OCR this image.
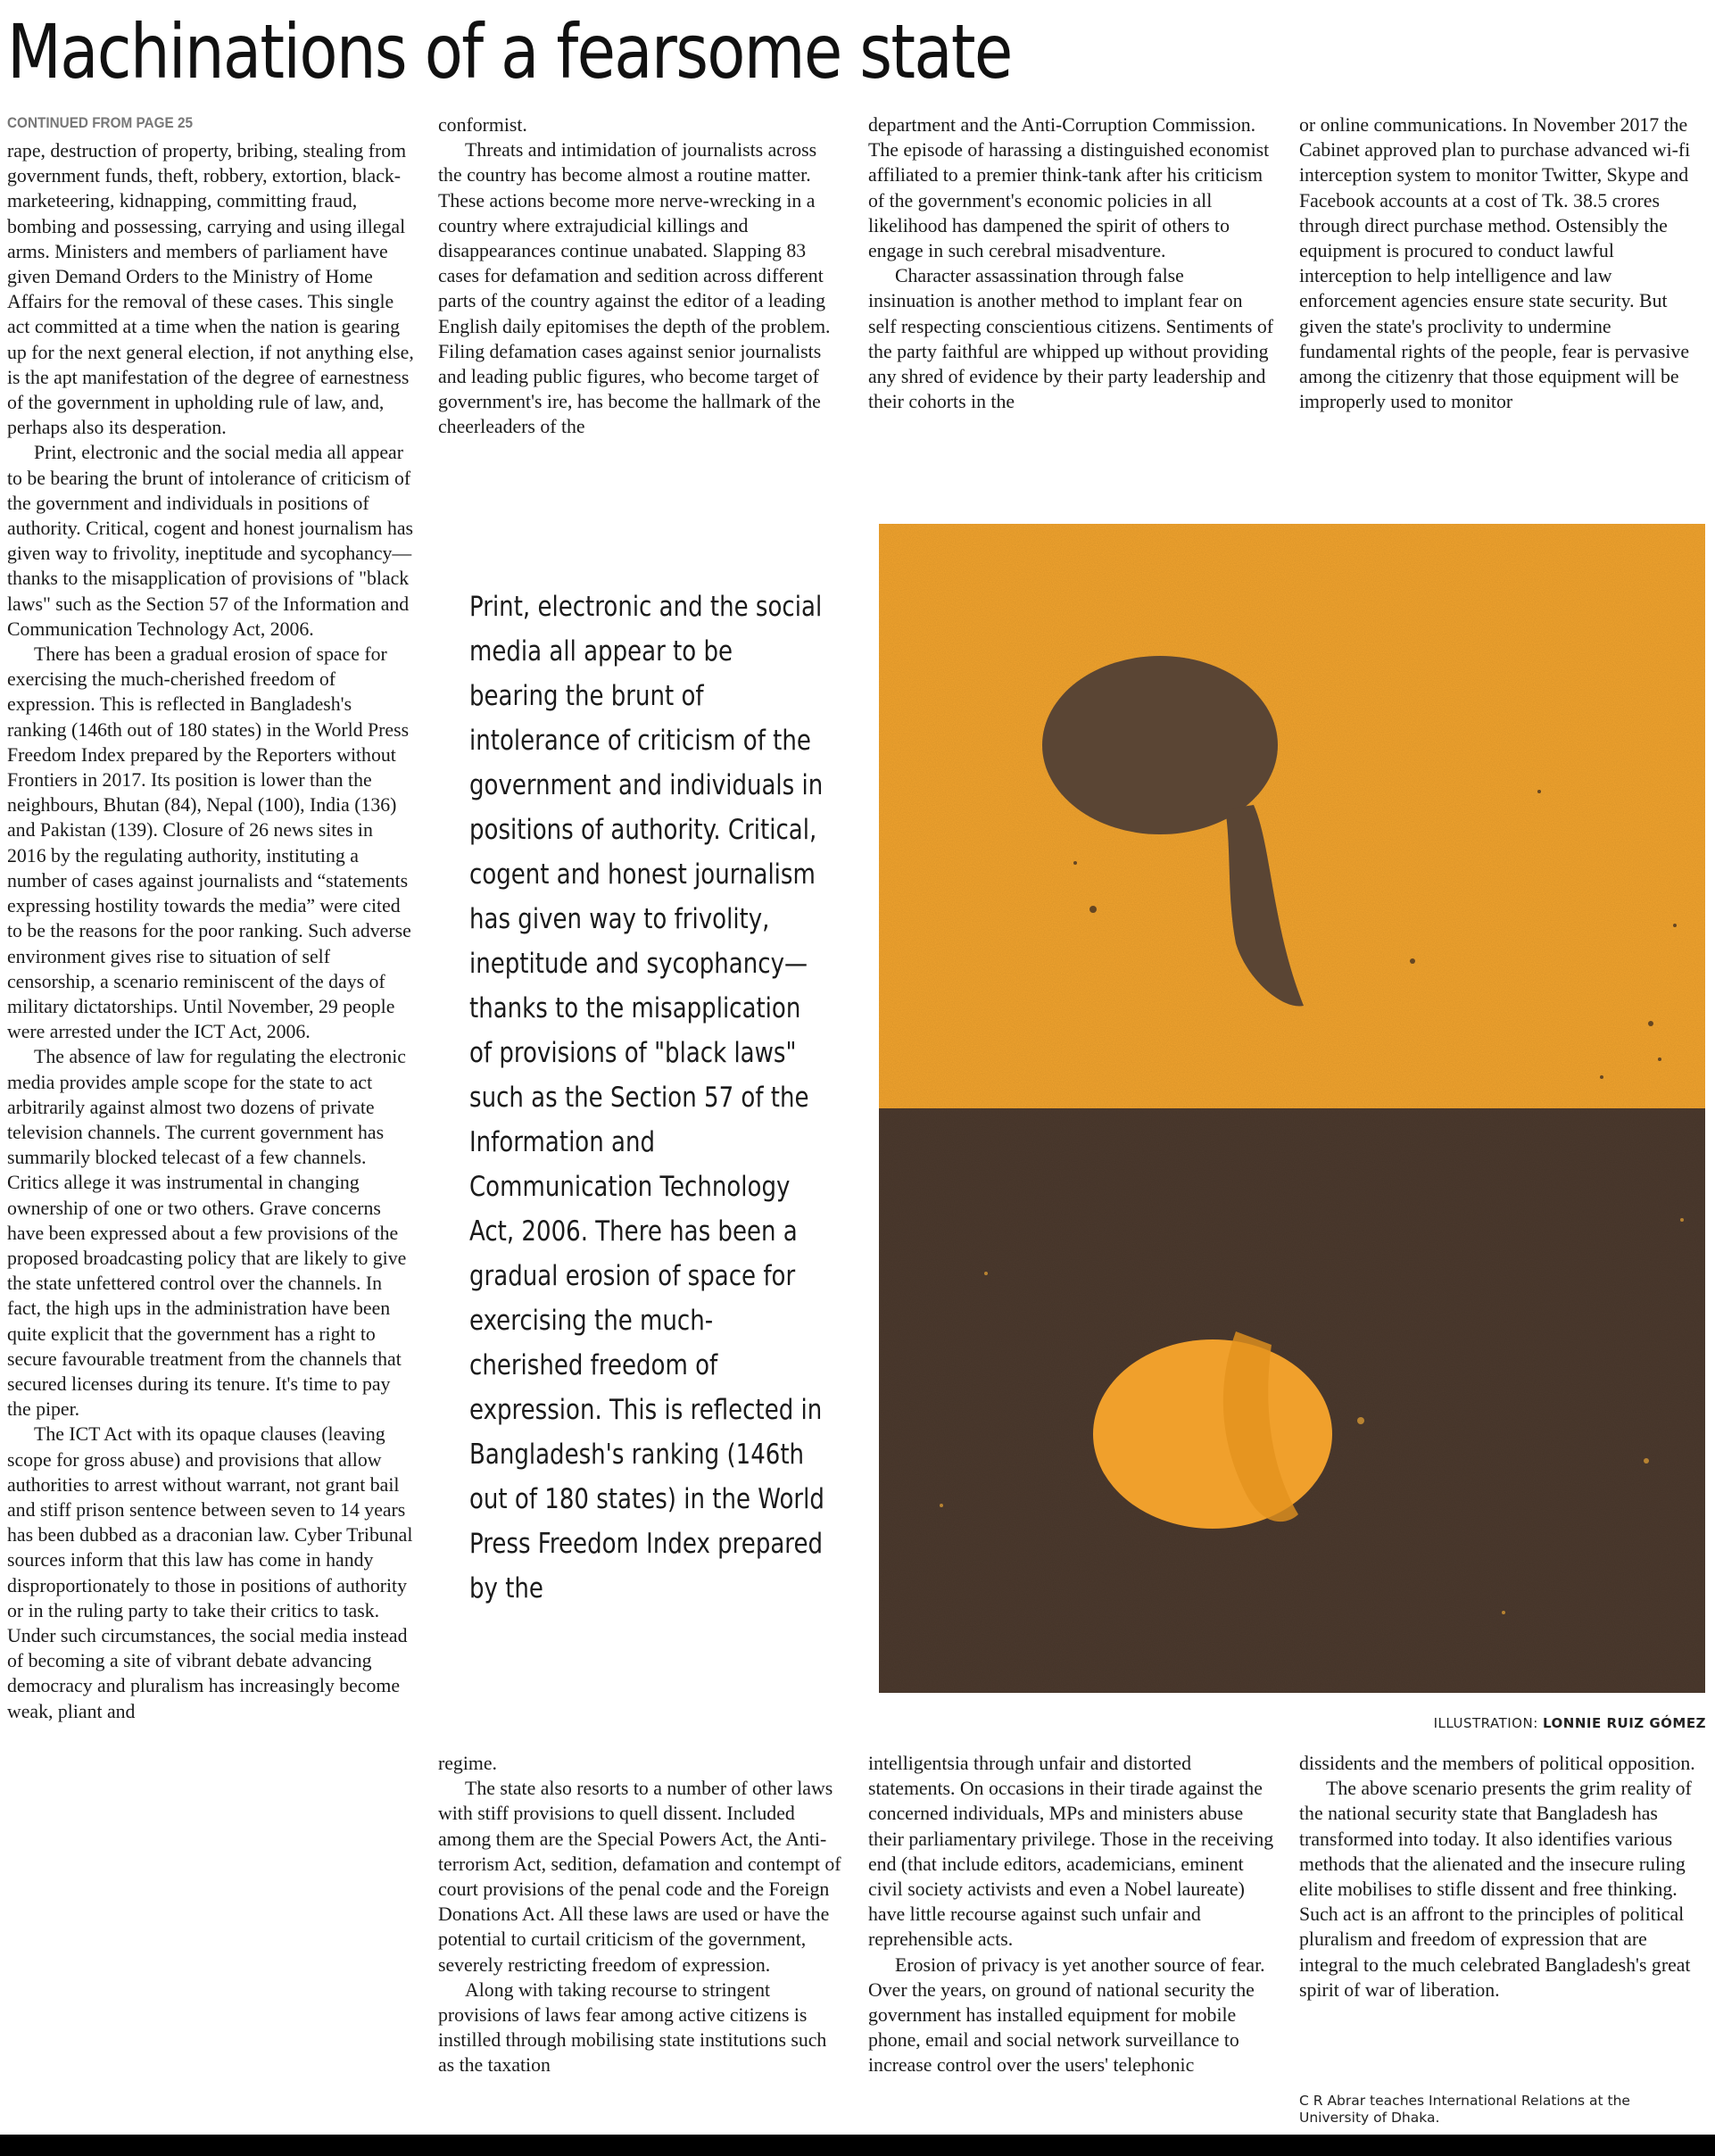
Machinations of a fearsome state
CONTINUED FROM PAGE 25

rape, destruction of property, bribing, stealing from government funds, theft, robbery, extortion, black-marketeering, kidnapping, committing fraud, bombing and possessing, carrying and using illegal arms. Ministers and members of parliament have given Demand Orders to the Ministry of Home Affairs for the removal of these cases. This single act committed at a time when the nation is gearing up for the next general election, if not anything else, is the apt manifestation of the degree of earnestness of the government in upholding rule of law, and, perhaps also its desperation.

Print, electronic and the social media all appear to be bearing the brunt of intolerance of criticism of the government and individuals in positions of authority. Critical, cogent and honest journalism has given way to frivolity, ineptitude and sycophancy—thanks to the misapplication of provisions of "black laws" such as the Section 57 of the Information and Communication Technology Act, 2006.

There has been a gradual erosion of space for exercising the much-cherished freedom of expression. This is reflected in Bangladesh's ranking (146th out of 180 states) in the World Press Freedom Index prepared by the Reporters without Frontiers in 2017. Its position is lower than the neighbours, Bhutan (84), Nepal (100), India (136) and Pakistan (139). Closure of 26 news sites in 2016 by the regulating authority, instituting a number of cases against journalists and “statements expressing hostility towards the media” were cited to be the reasons for the poor ranking. Such adverse environment gives rise to situation of self censorship, a scenario reminiscent of the days of military dictatorships. Until November, 29 people were arrested under the ICT Act, 2006.

The absence of law for regulating the electronic media provides ample scope for the state to act arbitrarily against almost two dozens of private television channels. The current government has summarily blocked telecast of a few channels. Critics allege it was instrumental in changing ownership of one or two others. Grave concerns have been expressed about a few provisions of the proposed broadcasting policy that are likely to give the state unfettered control over the channels. In fact, the high ups in the administration have been quite explicit that the government has a right to secure favourable treatment from the channels that secured licenses during its tenure. It's time to pay the piper.

The ICT Act with its opaque clauses (leaving scope for gross abuse) and provisions that allow authorities to arrest without warrant, not grant bail and stiff prison sentence between seven to 14 years has been dubbed as a draconian law. Cyber Tribunal sources inform that this law has come in handy disproportionately to those in positions of authority or in the ruling party to take their critics to task. Under such circumstances, the social media instead of becoming a site of vibrant debate advancing democracy and pluralism has increasingly become weak, pliant and

conformist.

Threats and intimidation of journalists across the country has become almost a routine matter. These actions become more nerve-wrecking in a country where extrajudicial killings and disappearances continue unabated. Slapping 83 cases for defamation and sedition across different parts of the country against the editor of a leading English daily epitomises the depth of the problem. Filing defamation cases against senior journalists and leading public figures, who become target of government's ire, has become the hallmark of the cheerleaders of the

department and the Anti-Corruption Commission. The episode of harassing a distinguished economist affiliated to a premier think-tank after his criticism of the government's economic policies in all likelihood has dampened the spirit of others to engage in such cerebral misadventure.

Character assassination through false insinuation is another method to implant fear on self respecting conscientious citizens. Sentiments of the party faithful are whipped up without providing any shred of evidence by their party leadership and their cohorts in the

or online communications. In November 2017 the Cabinet approved plan to purchase advanced wi-fi interception system to monitor Twitter, Skype and Facebook accounts at a cost of Tk. 38.5 crores through direct purchase method. Ostensibly the equipment is procured to conduct lawful interception to help intelligence and law enforcement agencies ensure state security. But given the state's proclivity to undermine fundamental rights of the people, fear is pervasive among the citizenry that those equipment will be improperly used to monitor

Print, electronic and the social media all appear to be bearing the brunt of intolerance of criticism of the government and individuals in positions of authority. Critical, cogent and honest journalism has given way to frivolity, ineptitude and sycophancy—thanks to the misapplication of provisions of "black laws" such as the Section 57 of the Information and Communication Technology Act, 2006. There has been a gradual erosion of space for exercising the much-cherished freedom of expression. This is reflected in Bangladesh's ranking (146th out of 180 states) in the World Press Freedom Index prepared by the
ILLUSTRATION: LONNIE RUIZ GÓMEZ

regime.

The state also resorts to a number of other laws with stiff provisions to quell dissent. Included among them are the Special Powers Act, the Anti-terrorism Act, sedition, defamation and contempt of court provisions of the penal code and the Foreign Donations Act. All these laws are used or have the potential to curtail criticism of the government, severely restricting freedom of expression.

Along with taking recourse to stringent provisions of laws fear among active citizens is instilled through mobilising state institutions such as the taxation

intelligentsia through unfair and distorted statements. On occasions in their tirade against the concerned individuals, MPs and ministers abuse their parliamentary privilege. Those in the receiving end (that include editors, academicians, eminent civil society activists and even a Nobel laureate) have little recourse against such unfair and reprehensible acts.

Erosion of privacy is yet another source of fear. Over the years, on ground of national security the government has installed equipment for mobile phone, email and social network surveillance to increase control over the users' telephonic

dissidents and the members of political opposition.

The above scenario presents the grim reality of the national security state that Bangladesh has transformed into today. It also identifies various methods that the alienated and the insecure ruling elite mobilises to stifle dissent and free thinking. Such act is an affront to the principles of political pluralism and freedom of expression that are integral to the much celebrated Bangladesh's great spirit of war of liberation.

C R Abrar teaches International Relations at the University of Dhaka.
